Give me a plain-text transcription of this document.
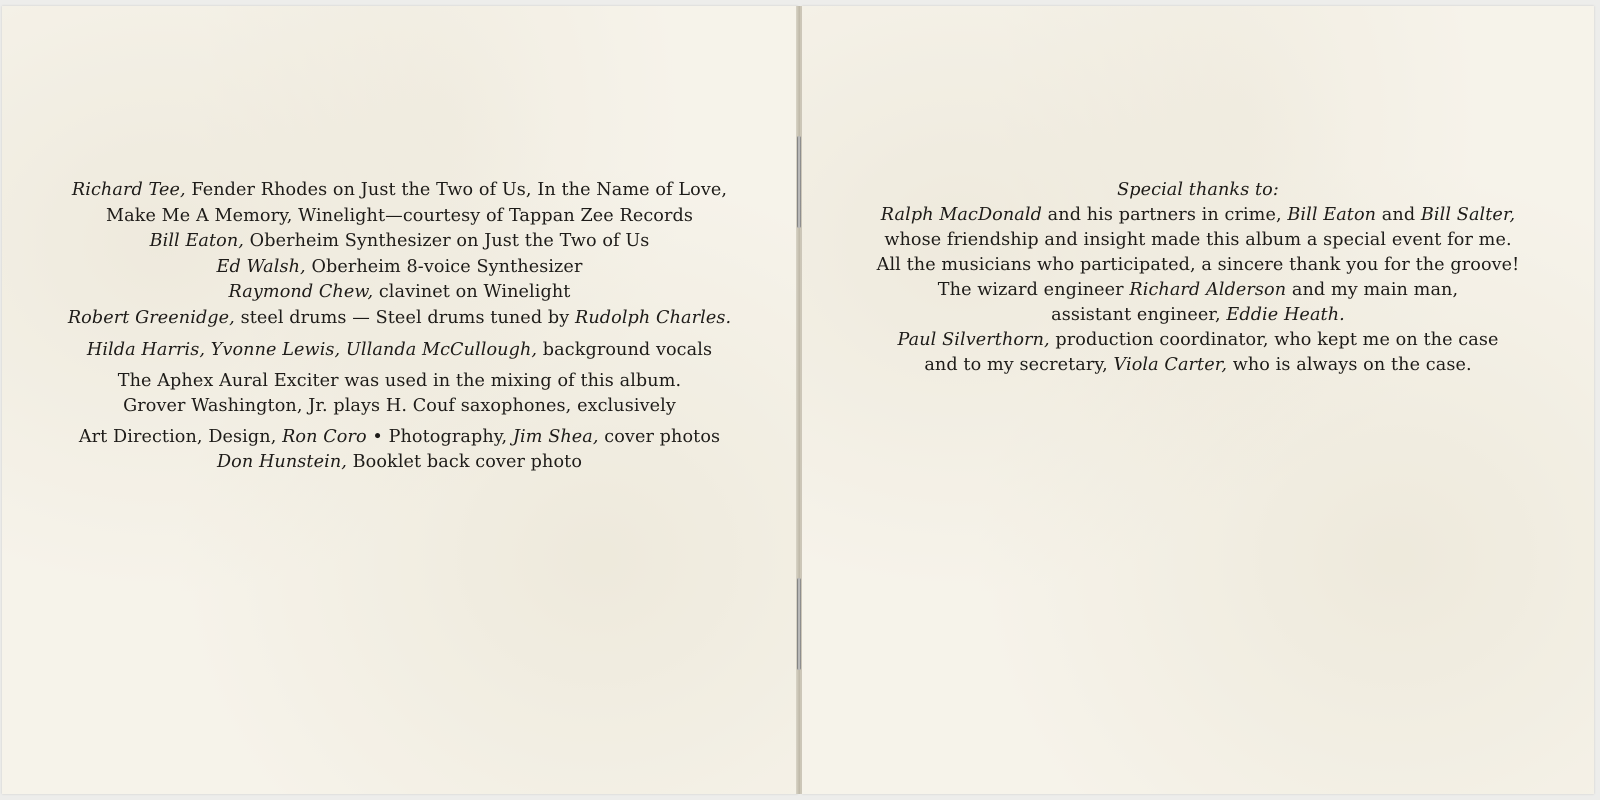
Richard Tee, Fender Rhodes on Just the Two of Us, In the Name of Love,
Make Me A Memory, Winelight—courtesy of Tappan Zee Records
Bill Eaton, Oberheim Synthesizer on Just the Two of Us
Ed Walsh, Oberheim 8-voice Synthesizer
Raymond Chew, clavinet on Winelight
Robert Greenidge, steel drums — Steel drums tuned by Rudolph Charles.
Hilda Harris, Yvonne Lewis, Ullanda McCullough, background vocals
The Aphex Aural Exciter was used in the mixing of this album.
Grover Washington, Jr. plays H. Couf saxophones, exclusively
Art Direction, Design, Ron Coro • Photography, Jim Shea, cover photos
Don Hunstein, Booklet back cover photo
Special thanks to:
Ralph MacDonald and his partners in crime, Bill Eaton and Bill Salter,
whose friendship and insight made this album a special event for me.
All the musicians who participated, a sincere thank you for the groove!
The wizard engineer Richard Alderson and my main man,
assistant engineer, Eddie Heath.
Paul Silverthorn, production coordinator, who kept me on the case
and to my secretary, Viola Carter, who is always on the case.
